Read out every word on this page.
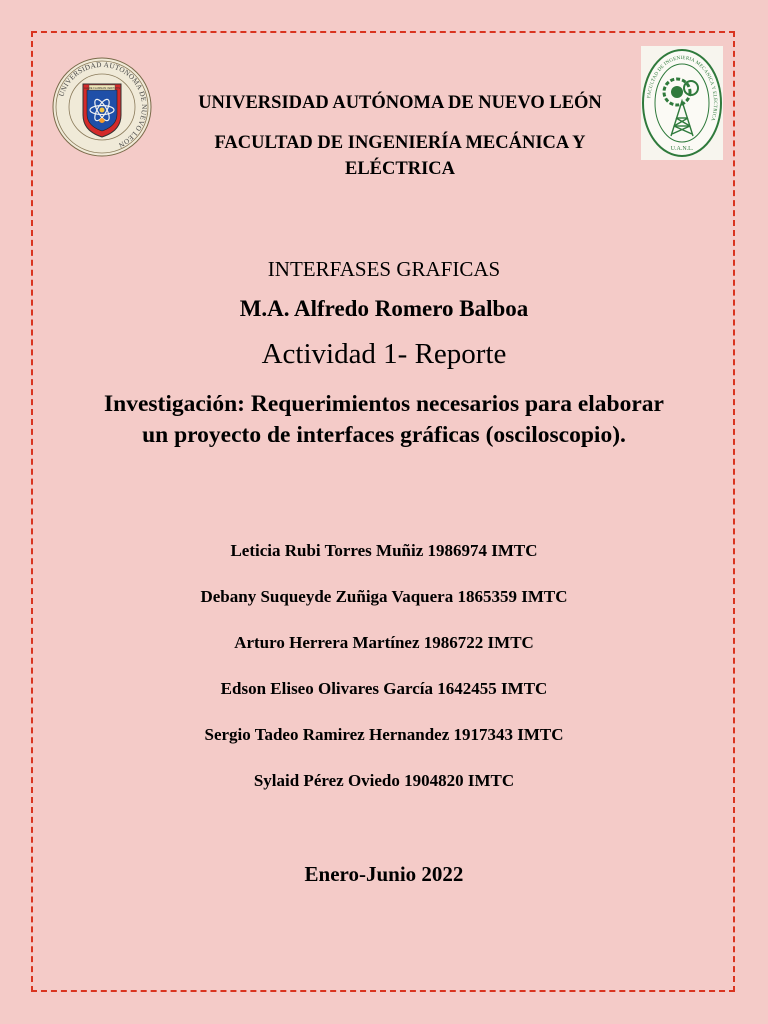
UNIVERSIDAD AUTONOMA DE NUEVO LEON
ALERE FLAMMAM VERITATIS
FACULTAD DE INGENIERIA MECANICA Y ELECTRICA
U.A.N.L.
UNIVERSIDAD AUTÓNOMA DE NUEVO LEÓN
FACULTAD DE INGENIERÍA MECÁNICA Y ELÉCTRICA
INTERFASES GRAFICAS
M.A. Alfredo Romero Balboa
Actividad 1- Reporte
Investigación: Requerimientos necesarios para elaborar un proyecto de interfaces gráficas (osciloscopio).
Leticia Rubi Torres Muñiz 1986974 IMTC
Debany Suqueyde Zuñiga Vaquera 1865359 IMTC
Arturo Herrera Martínez 1986722 IMTC
Edson Eliseo Olivares García 1642455 IMTC
Sergio Tadeo Ramirez Hernandez 1917343 IMTC
Sylaid Pérez Oviedo 1904820 IMTC
Enero-Junio 2022
